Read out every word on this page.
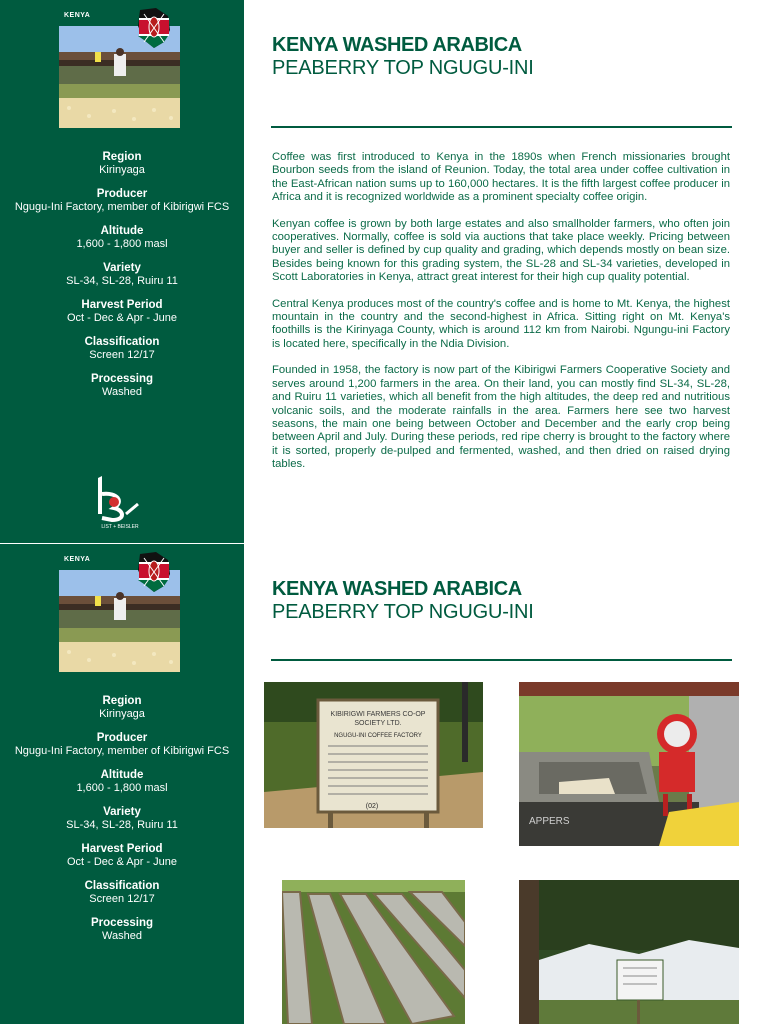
KENYA
Region
Kirinyaga
Producer
Ngugu-Ini Factory, member of Kibirigwi FCS
Altitude
1,600 - 1,800 masl
Variety
SL-34, SL-28, Ruiru 11
Harvest Period
Oct - Dec & Apr - June
Classification
Screen 12/17
Processing
Washed
LIST + BEISLER
KENYA WASHED ARABICA
PEABERRY TOP NGUGU-INI

Coffee was first introduced to Kenya in the 1890s when French missionaries brought Bourbon seeds from the island of Reunion. Today, the total area under coffee cultivation in the East-African nation sums up to 160,000 hectares. It is the fifth largest coffee producer in Africa and it is recognized worldwide as a prominent specialty coffee origin.

Kenyan coffee is grown by both large estates and also smallholder farmers, who often join cooperatives. Normally, coffee is sold via auctions that take place weekly. Pricing between buyer and seller is defined by cup quality and grading, which depends mostly on bean size. Besides being known for this grading system, the SL-28 and SL-34 varieties, developed in Scott Laboratories in Kenya, attract great interest for their high cup quality potential.

Central Kenya produces most of the country's coffee and is home to Mt. Kenya, the highest mountain in the country and the second-highest in Africa. Sitting right on Mt. Kenya's foothills is the Kirinyaga County, which is around 112 km from Nairobi. Ngungu-ini Factory is located here, specifically in the Ndia Division.

Founded in 1958, the factory is now part of the Kibirigwi Farmers Cooperative Society and serves around 1,200 farmers in the area. On their land, you can mostly find SL-34, SL-28, and Ruiru 11 varieties, which all benefit from the high altitudes, the deep red and nutritious volcanic soils, and the moderate rainfalls in the area. Farmers here see two harvest seasons, the main one being between October and December and the early crop being between April and July. During these periods, red ripe cherry is brought to the factory where it is sorted, properly de-pulped and fermented, washed, and then dried on raised drying tables.

KENYA
Region
Kirinyaga
Producer
Ngugu-Ini Factory, member of Kibirigwi FCS
Altitude
1,600 - 1,800 masl
Variety
SL-34, SL-28, Ruiru 11
Harvest Period
Oct - Dec & Apr - June
Classification
Screen 12/17
Processing
Washed
KENYA WASHED ARABICA
PEABERRY TOP NGUGU-INI
KIBIRIGWI FARMERS CO-OP
SOCIETY LTD.
NGUGU-INI COFFEE FACTORY
(02)
APPERS
